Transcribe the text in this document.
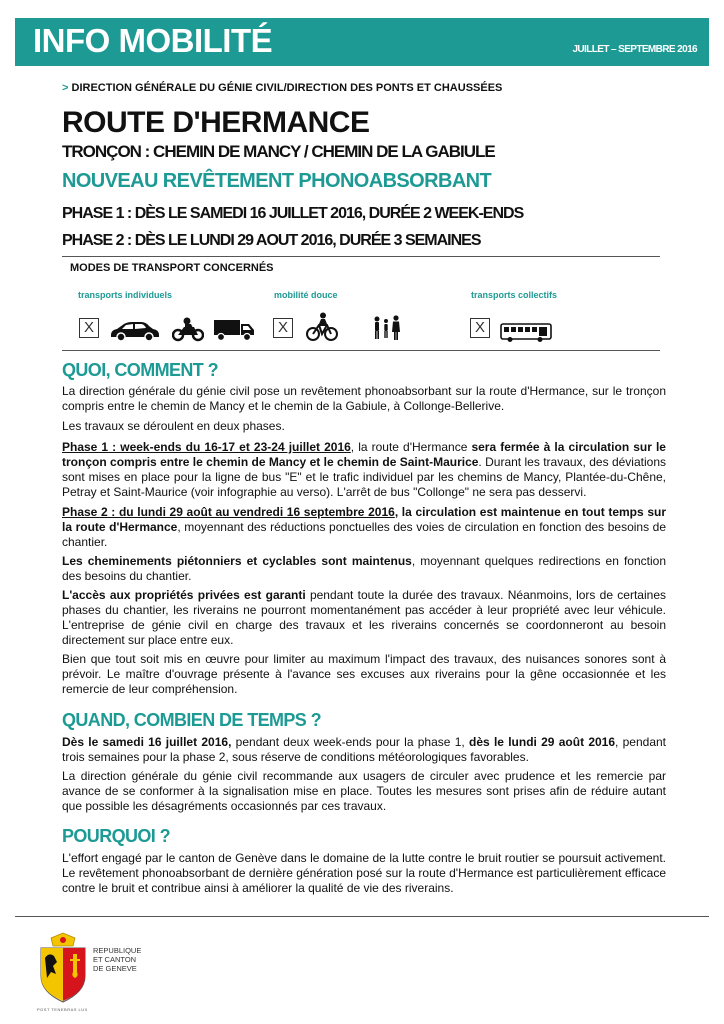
INFO MOBILITÉ	JUILLET – SEPTEMBRE 2016
> DIRECTION GÉNÉRALE DU GÉNIE CIVIL/DIRECTION DES PONTS ET CHAUSSÉES
ROUTE D'HERMANCE
TRONÇON : CHEMIN DE MANCY / CHEMIN DE LA GABIULE
NOUVEAU REVÊTEMENT PHONOABSORBANT
PHASE 1 : DÈS LE SAMEDI 16 JUILLET 2016, DURÉE 2 WEEK-ENDS
PHASE 2 : DÈS LE LUNDI 29 AOUT 2016, DURÉE 3 SEMAINES
MODES DE TRANSPORT CONCERNÉS
transports individuels	mobilité douce	transports collectifs
X	X	X
QUOI, COMMENT ?
La direction générale du génie civil pose un revêtement phonoabsorbant sur la route d'Hermance, sur le tronçon compris entre le chemin de Mancy et le chemin de la Gabiule, à Collonge-Bellerive.
Les travaux se déroulent en deux phases.
Phase 1 : week-ends du 16-17 et 23-24 juillet 2016, la route d'Hermance sera fermée à la circulation sur le tronçon compris entre le chemin de Mancy et le chemin de Saint-Maurice. Durant les travaux, des déviations sont mises en place pour la ligne de bus "E" et le trafic individuel par les chemins de Mancy, Plantée-du-Chêne, Petray et Saint-Maurice (voir infographie au verso). L'arrêt de bus "Collonge" ne sera pas desservi.
Phase 2 : du lundi 29 août au vendredi 16 septembre 2016, la circulation est maintenue en tout temps sur la route d'Hermance, moyennant des réductions ponctuelles des voies de circulation en fonction des besoins de chantier.
Les cheminements piétonniers et cyclables sont maintenus, moyennant quelques redirections en fonction des besoins du chantier.
L'accès aux propriétés privées est garanti pendant toute la durée des travaux. Néanmoins, lors de certaines phases du chantier, les riverains ne pourront momentanément pas accéder à leur propriété avec leur véhicule. L'entreprise de génie civil en charge des travaux et les riverains concernés se coordonneront au besoin directement sur place entre eux.
Bien que tout soit mis en œuvre pour limiter au maximum l'impact des travaux, des nuisances sonores sont à prévoir. Le maître d'ouvrage présente à l'avance ses excuses aux riverains pour la gêne occasionnée et les remercie de leur compréhension.
QUAND, COMBIEN DE TEMPS ?
Dès le samedi 16 juillet 2016, pendant deux week-ends pour la phase 1, dès le lundi 29 août 2016, pendant trois semaines pour la phase 2, sous réserve de conditions météorologiques favorables.
La direction générale du génie civil recommande aux usagers de circuler avec prudence et les remercie par avance de se conformer à la signalisation mise en place. Toutes les mesures sont prises afin de réduire autant que possible les désagréments occasionnés par ces travaux.
POURQUOI ?
L'effort engagé par le canton de Genève dans le domaine de la lutte contre le bruit routier se poursuit activement. Le revêtement phonoabsorbant de dernière génération posé sur la route d'Hermance est particulièrement efficace contre le bruit et contribue ainsi à améliorer la qualité de vie des riverains.
REPUBLIQUE
ET CANTON
DE GENEVE
POST TENEBRAS LUX
